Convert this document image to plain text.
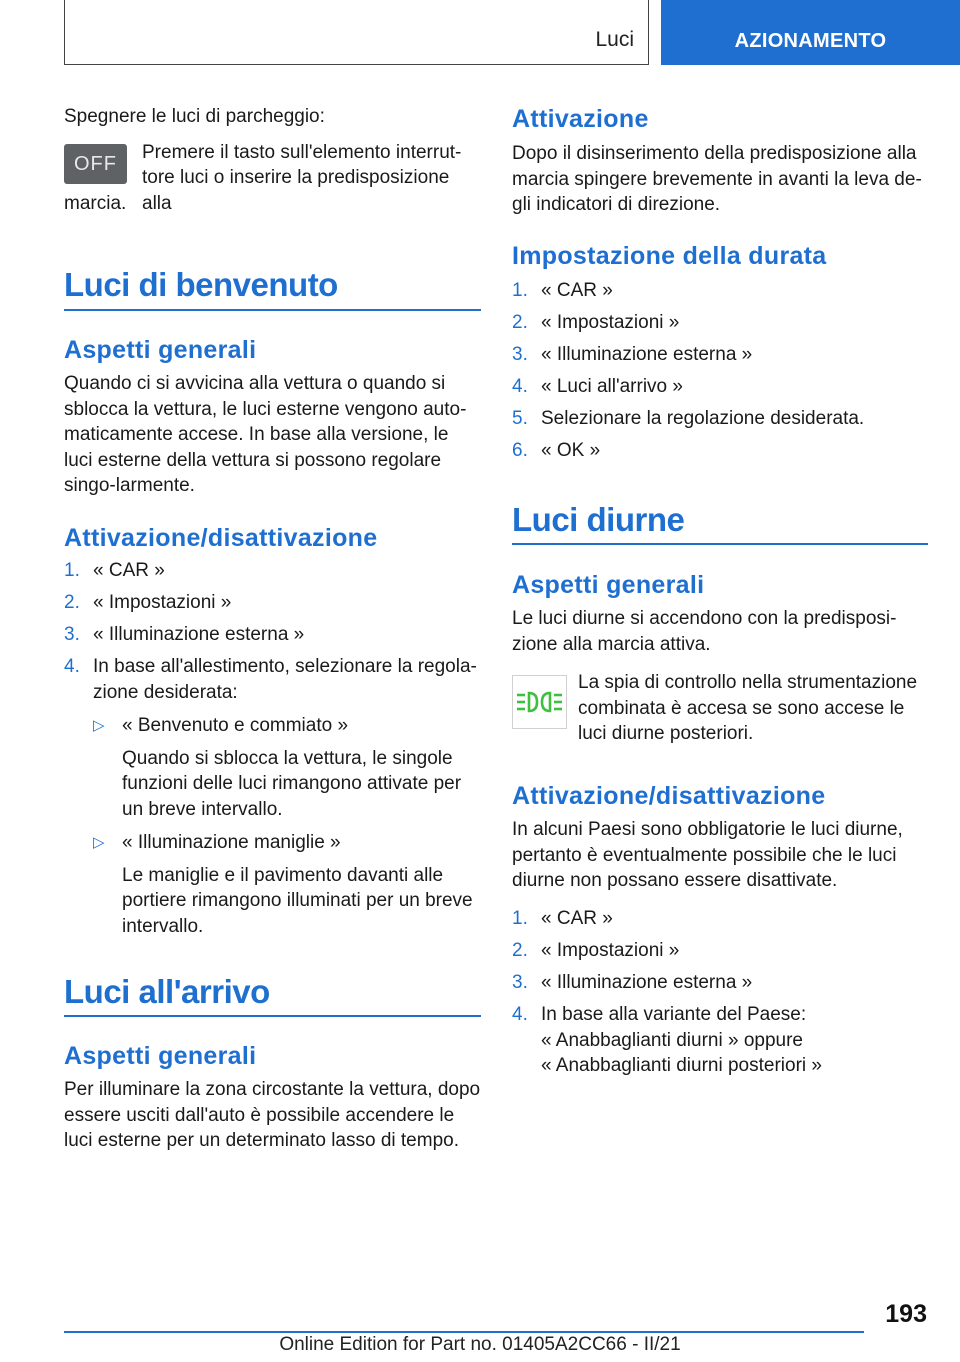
Luci	AZIONAMENTO
Spegnere le luci di parcheggio:
OFF
Premere il tasto sull'elemento interrut-
tore luci o inserire la predisposizione alla
marcia.
Luci di benvenuto
Aspetti generali
Quando ci si avvicina alla vettura o quando si sblocca la vettura, le luci esterne vengono auto-maticamente accese. In base alla versione, le luci esterne della vettura si possono regolare singo-larmente.
Attivazione/disattivazione
1. « CAR »
2. « Impostazioni »
3. « Illuminazione esterna »
4. In base all'allestimento, selezionare la regola-zione desiderata:
▷ « Benvenuto e commiato »
Quando si sblocca la vettura, le singole funzioni delle luci rimangono attivate per un breve intervallo.
▷ « Illuminazione maniglie »
Le maniglie e il pavimento davanti alle portiere rimangono illuminati per un breve intervallo.
Luci all'arrivo
Aspetti generali
Per illuminare la zona circostante la vettura, dopo essere usciti dall'auto è possibile accendere le luci esterne per un determinato lasso di tempo.
Attivazione
Dopo il disinserimento della predisposizione alla marcia spingere brevemente in avanti la leva de-gli indicatori di direzione.
Impostazione della durata
1. « CAR »
2. « Impostazioni »
3. « Illuminazione esterna »
4. « Luci all'arrivo »
5. Selezionare la regolazione desiderata.
6. « OK »
Luci diurne
Aspetti generali
Le luci diurne si accendono con la predisposi-zione alla marcia attiva.
La spia di controllo nella strumentazione combinata è accesa se sono accese le luci diurne posteriori.
Attivazione/disattivazione
In alcuni Paesi sono obbligatorie le luci diurne, pertanto è eventualmente possibile che le luci diurne non possano essere disattivate.
1. « CAR »
2. « Impostazioni »
3. « Illuminazione esterna »
4. In base alla variante del Paese:
« Anabbaglianti diurni » oppure
« Anabbaglianti diurni posteriori »
193
Online Edition for Part no. 01405A2CC66 - II/21
